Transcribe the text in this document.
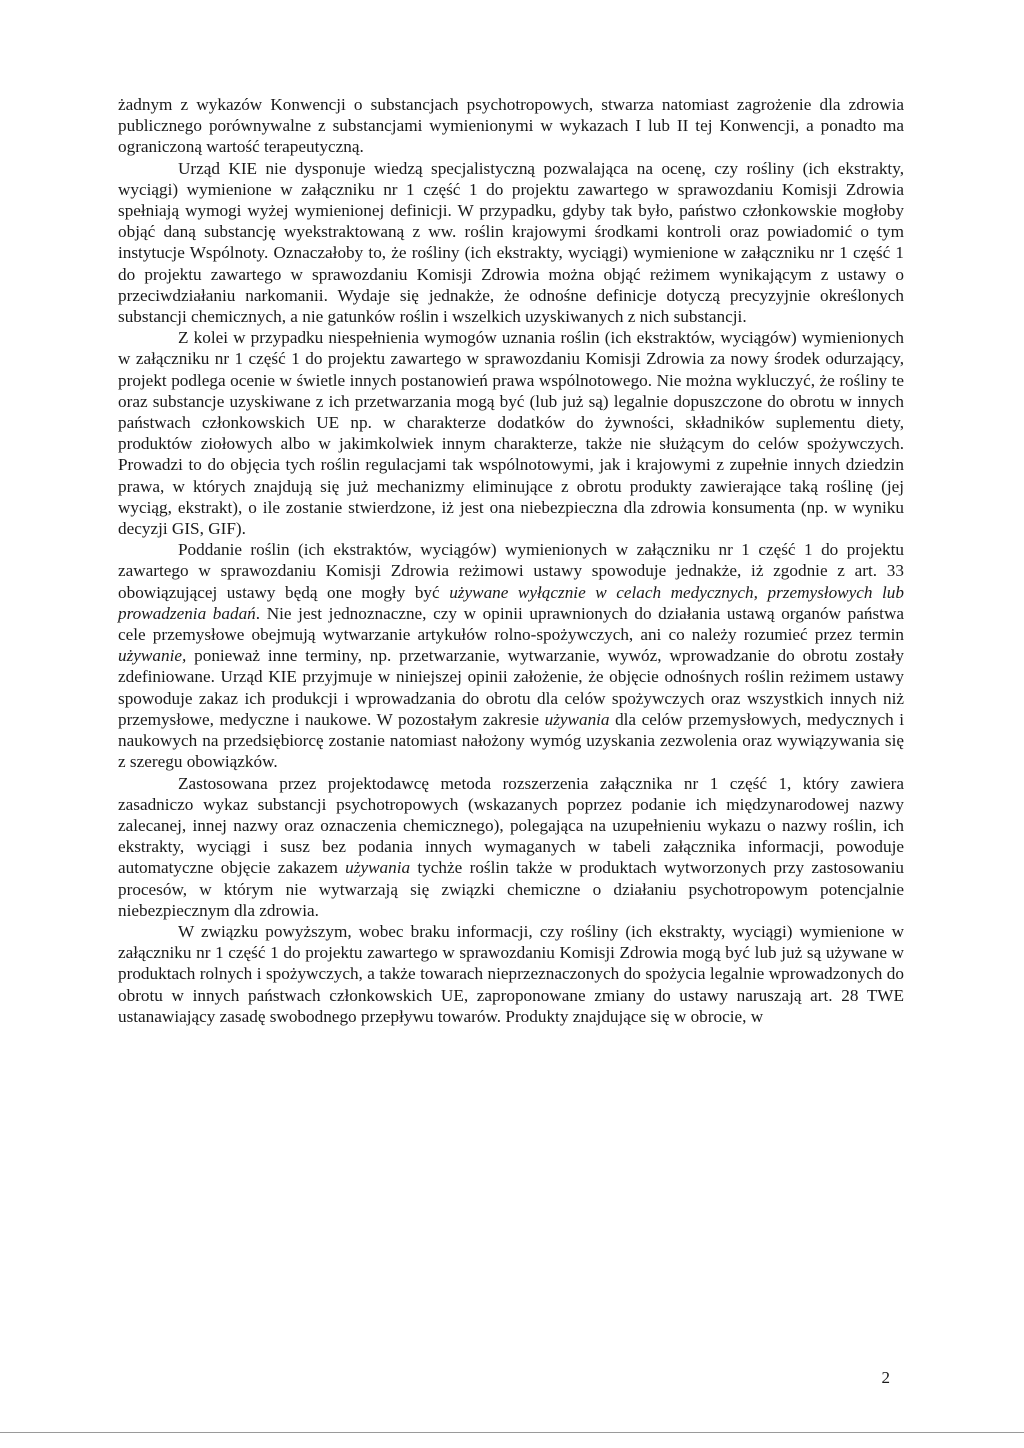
żadnym z wykazów Konwencji o substancjach psychotropowych, stwarza natomiast zagrożenie dla zdrowia publicznego porównywalne z substancjami wymienionymi w wykazach I lub II tej Konwencji, a ponadto ma ograniczoną wartość terapeutyczną.

Urząd KIE nie dysponuje wiedzą specjalistyczną pozwalająca na ocenę, czy rośliny (ich ekstrakty, wyciągi) wymienione w załączniku nr 1 część 1 do projektu zawartego w sprawozdaniu Komisji Zdrowia spełniają wymogi wyżej wymienionej definicji. W przypadku, gdyby tak było, państwo członkowskie mogłoby objąć daną substancję wyekstraktowaną z ww. roślin krajowymi środkami kontroli oraz powiadomić o tym instytucje Wspólnoty. Oznaczałoby to, że rośliny (ich ekstrakty, wyciągi) wymienione w załączniku nr 1 część 1 do projektu zawartego w sprawozdaniu Komisji Zdrowia można objąć reżimem wynikającym z ustawy o przeciwdziałaniu narkomanii. Wydaje się jednakże, że odnośne definicje dotyczą precyzyjnie określonych substancji chemicznych, a nie gatunków roślin i wszelkich uzyskiwanych z nich substancji.

Z kolei w przypadku niespełnienia wymogów uznania roślin (ich ekstraktów, wyciągów) wymienionych w załączniku nr 1 część 1 do projektu zawartego w sprawozdaniu Komisji Zdrowia za nowy środek odurzający, projekt podlega ocenie w świetle innych postanowień prawa wspólnotowego. Nie można wykluczyć, że rośliny te oraz substancje uzyskiwane z ich przetwarzania mogą być (lub już są) legalnie dopuszczone do obrotu w innych państwach członkowskich UE np. w charakterze dodatków do żywności, składników suplementu diety, produktów ziołowych albo w jakimkolwiek innym charakterze, także nie służącym do celów spożywczych. Prowadzi to do objęcia tych roślin regulacjami tak wspólnotowymi, jak i krajowymi z zupełnie innych dziedzin prawa, w których znajdują się już mechanizmy eliminujące z obrotu produkty zawierające taką roślinę (jej wyciąg, ekstrakt), o ile zostanie stwierdzone, iż jest ona niebezpieczna dla zdrowia konsumenta (np. w wyniku decyzji GIS, GIF).

Poddanie roślin (ich ekstraktów, wyciągów) wymienionych w załączniku nr 1 część 1 do projektu zawartego w sprawozdaniu Komisji Zdrowia reżimowi ustawy spowoduje jednakże, iż zgodnie z art. 33 obowiązującej ustawy będą one mogły być używane wyłącznie w celach medycznych, przemysłowych lub prowadzenia badań. Nie jest jednoznaczne, czy w opinii uprawnionych do działania ustawą organów państwa cele przemysłowe obejmują wytwarzanie artykułów rolno-spożywczych, ani co należy rozumieć przez termin używanie, ponieważ inne terminy, np. przetwarzanie, wytwarzanie, wywóz, wprowadzanie do obrotu zostały zdefiniowane. Urząd KIE przyjmuje w niniejszej opinii założenie, że objęcie odnośnych roślin reżimem ustawy spowoduje zakaz ich produkcji i wprowadzania do obrotu dla celów spożywczych oraz wszystkich innych niż przemysłowe, medyczne i naukowe. W pozostałym zakresie używania dla celów przemysłowych, medycznych i naukowych na przedsiębiorcę zostanie natomiast nałożony wymóg uzyskania zezwolenia oraz wywiązywania się z szeregu obowiązków.

Zastosowana przez projektodawcę metoda rozszerzenia załącznika nr 1 część 1, który zawiera zasadniczo wykaz substancji psychotropowych (wskazanych poprzez podanie ich międzynarodowej nazwy zalecanej, innej nazwy oraz oznaczenia chemicznego), polegająca na uzupełnieniu wykazu o nazwy roślin, ich ekstrakty, wyciągi i susz bez podania innych wymaganych w tabeli załącznika informacji, powoduje automatyczne objęcie zakazem używania tychże roślin także w produktach wytworzonych przy zastosowaniu procesów, w którym nie wytwarzają się związki chemiczne o działaniu psychotropowym potencjalnie niebezpiecznym dla zdrowia.

W związku powyższym, wobec braku informacji, czy rośliny (ich ekstrakty, wyciągi) wymienione w załączniku nr 1 część 1 do projektu zawartego w sprawozdaniu Komisji Zdrowia mogą być lub już są używane w produktach rolnych i spożywczych, a także towarach nieprzeznaczonych do spożycia legalnie wprowadzonych do obrotu w innych państwach członkowskich UE, zaproponowane zmiany do ustawy naruszają art. 28 TWE ustanawiający zasadę swobodnego przepływu towarów. Produkty znajdujące się w obrocie, w

2
